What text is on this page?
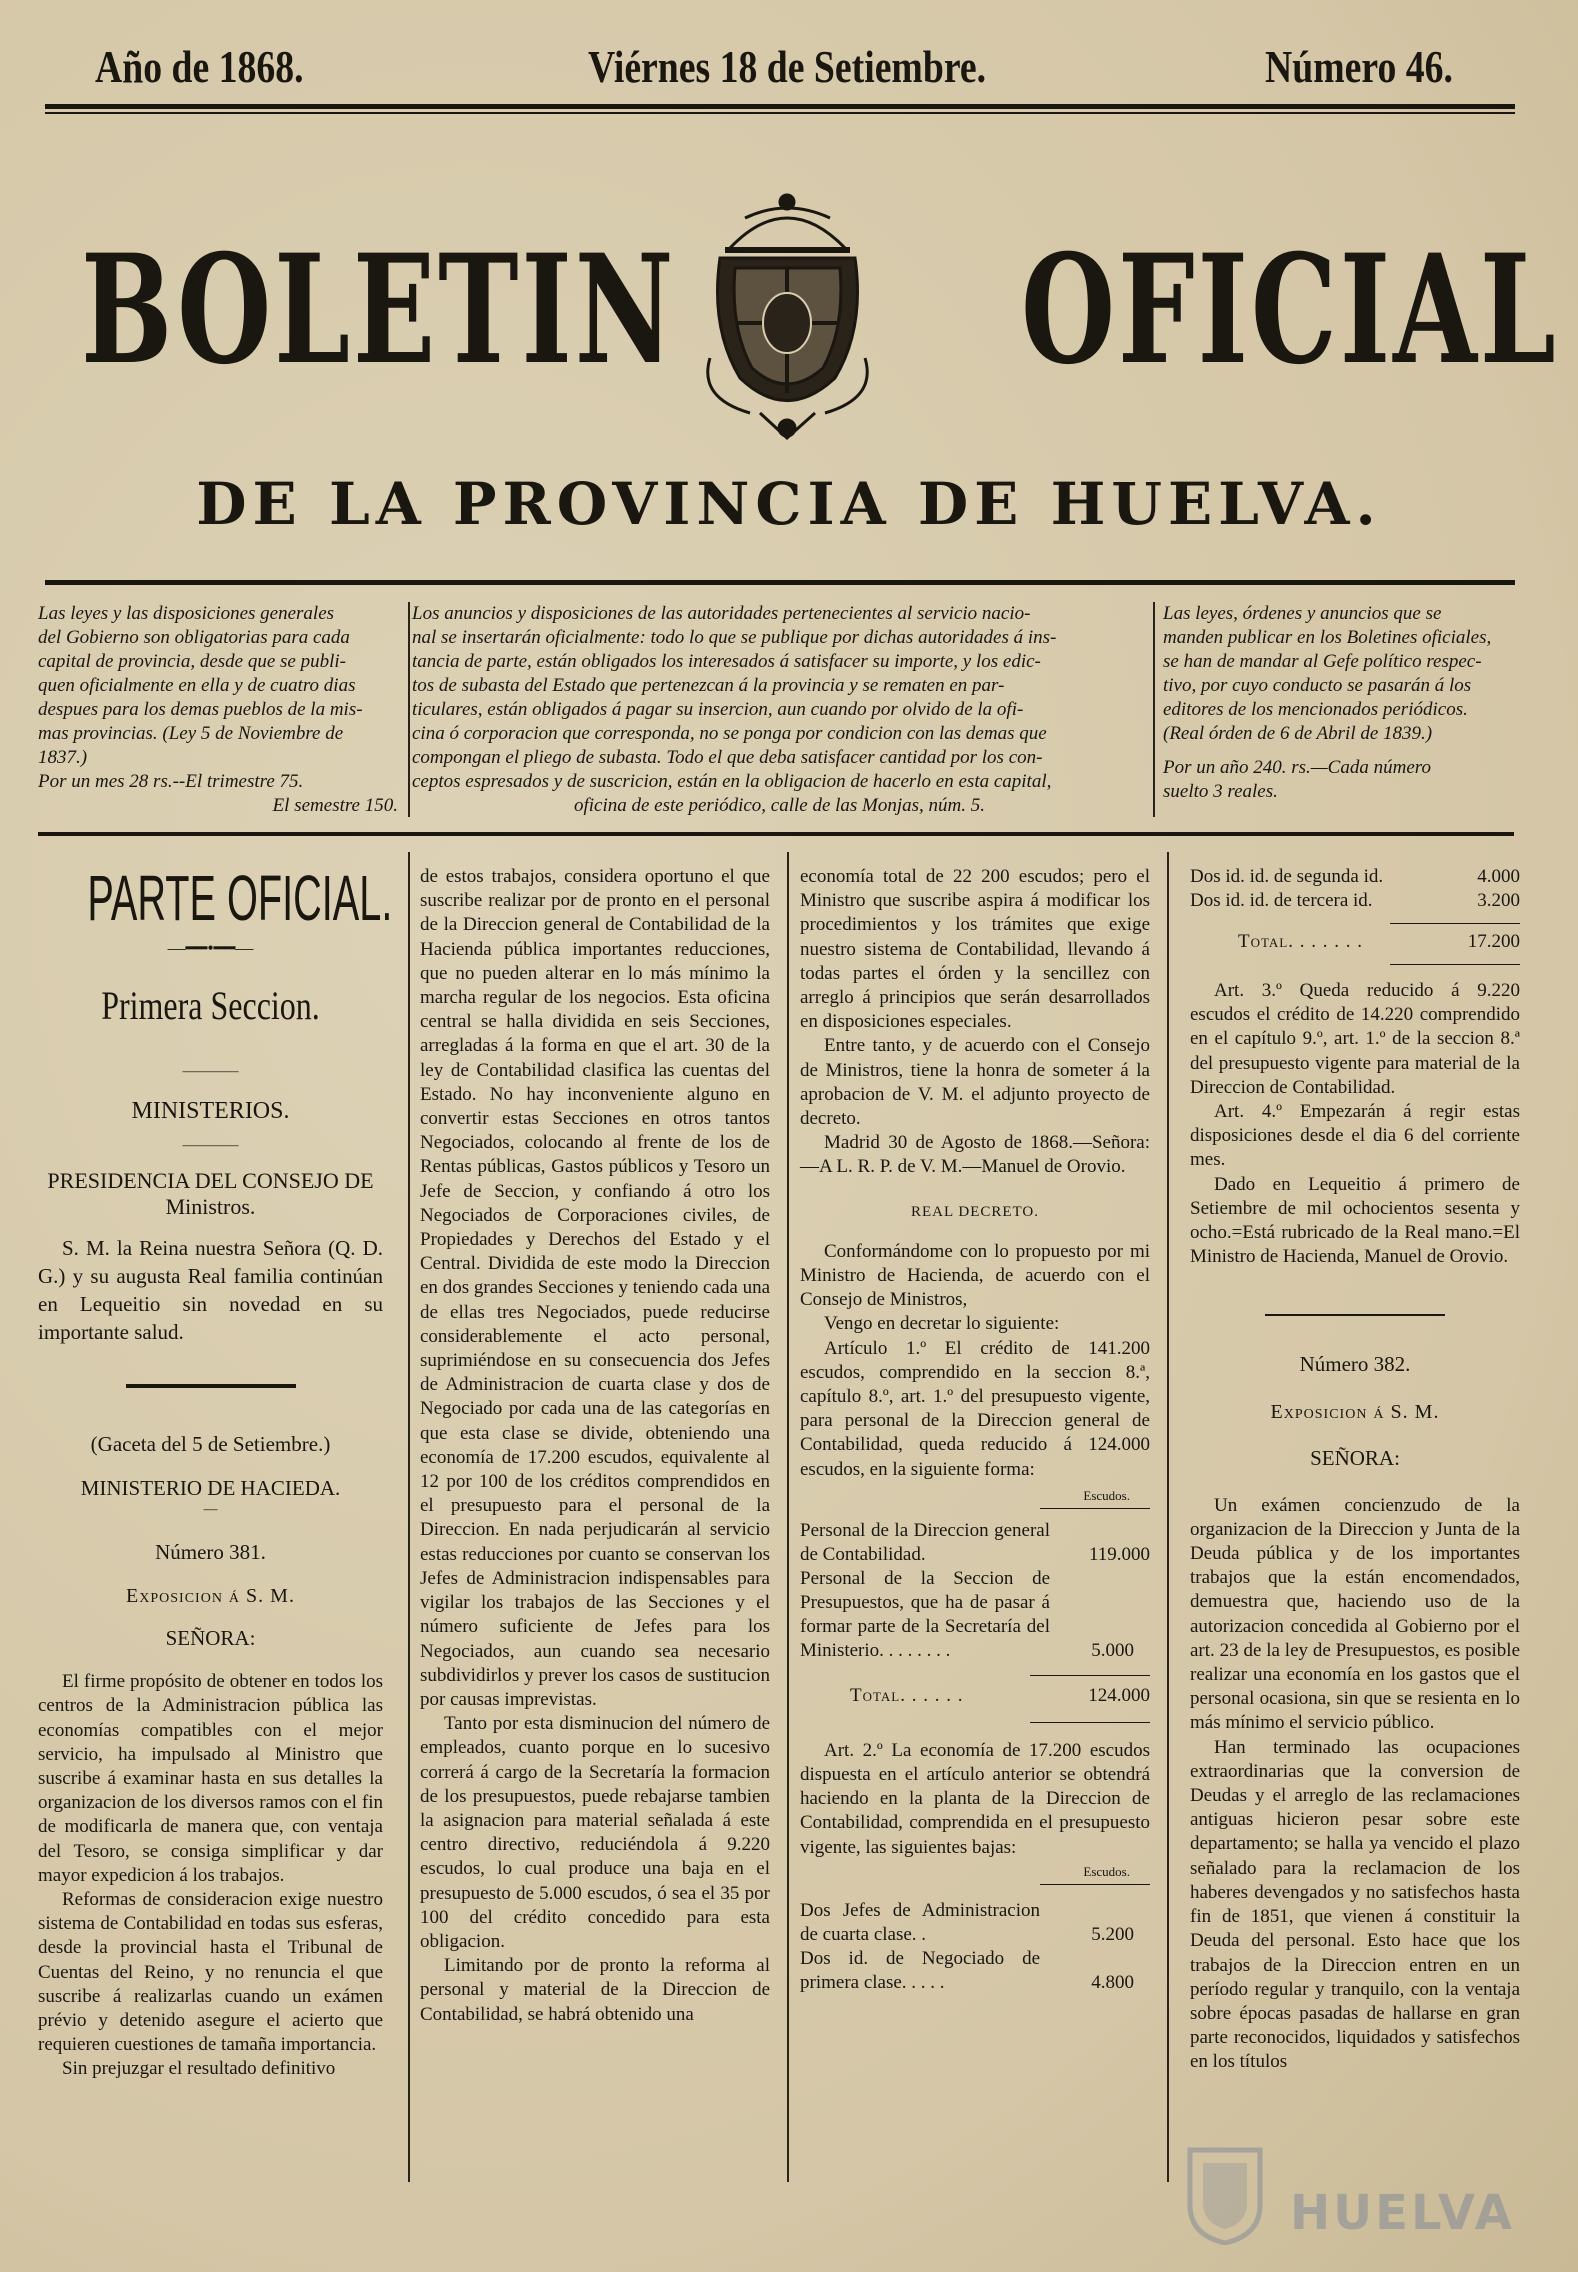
Año de 1868.	Viérnes 18 de Setiembre.	Número 46.
BOLETIN OFICIAL
DE LA PROVINCIA DE HUELVA.
Las leyes y las disposiciones generales
del Gobierno son obligatorias para cada
capital de provincia, desde que se publi-
quen oficialmente en ella y de cuatro dias
despues para los demas pueblos de la mis-
mas provincias. (Ley 5 de Noviembre de
1837.)
Por un mes 28 rs.--El trimestre 75.
El semestre 150.
Los anuncios y disposiciones de las autoridades pertenecientes al servicio nacio-
nal se insertarán oficialmente: todo lo que se publique por dichas autoridades á ins-
tancia de parte, están obligados los interesados á satisfacer su importe, y los edic-
tos de subasta del Estado que pertenezcan á la provincia y se rematen en par-
ticulares, están obligados á pagar su insercion, aun cuando por olvido de la ofi-
cina ó corporacion que corresponda, no se ponga por condicion con las demas que
compongan el pliego de subasta. Todo el que deba satisfacer cantidad por los con-
ceptos espresados y de suscricion, están en la obligacion de hacerlo en esta capital,
oficina de este periódico, calle de las Monjas, núm. 5.
Las leyes, órdenes y anuncios que se
manden publicar en los Boletines oficiales,
se han de mandar al Gefe político respec-
tivo, por cuyo conducto se pasarán á los
editores de los mencionados periódicos.
(Real órden de 6 de Abril de 1839.)
Por un año 240. rs.—Cada número
suelto 3 reales.
PARTE OFICIAL.
—━━•━━—
Primera Seccion.
————
MINISTERIOS.
————
PRESIDENCIA DEL CONSEJO DE Ministros.

S. M. la Reina nuestra Señora (Q. D. G.) y su augusta Real familia continúan en Lequeitio sin novedad en su importante salud.

(Gaceta del 5 de Setiembre.)
MINISTERIO DE HACIEDA.
—
Número 381.
Exposicion á S. M.
SEÑORA:

El firme propósito de obtener en todos los centros de la Administracion pública las economías compatibles con el mejor servicio, ha impulsado al Ministro que suscribe á examinar hasta en sus detalles la organizacion de los diversos ramos con el fin de modificarla de manera que, con ventaja del Tesoro, se consiga simplificar y dar mayor expedicion á los trabajos.

Reformas de consideracion exige nuestro sistema de Contabilidad en todas sus esferas, desde la provincial hasta el Tribunal de Cuentas del Reino, y no renuncia el que suscribe á realizarlas cuando un exámen prévio y detenido asegure el acierto que requieren cuestiones de tamaña importancia.

Sin prejuzgar el resultado definitivo

de estos trabajos, considera oportuno el que suscribe realizar por de pronto en el personal de la Direccion general de Contabilidad de la Hacienda pública importantes reducciones, que no pueden alterar en lo más mínimo la marcha regular de los negocios. Esta oficina central se halla dividida en seis Secciones, arregladas á la forma en que el art. 30 de la ley de Contabilidad clasifica las cuentas del Estado. No hay inconveniente alguno en convertir estas Secciones en otros tantos Negociados, colocando al frente de los de Rentas públicas, Gastos públicos y Tesoro un Jefe de Seccion, y confiando á otro los Negociados de Corporaciones civiles, de Propiedades y Derechos del Estado y el Central. Dividida de este modo la Direccion en dos grandes Secciones y teniendo cada una de ellas tres Negociados, puede reducirse considerablemente el acto personal, suprimiéndose en su consecuencia dos Jefes de Administracion de cuarta clase y dos de Negociado por cada una de las categorías en que esta clase se divide, obteniendo una economía de 17.200 escudos, equivalente al 12 por 100 de los créditos comprendidos en el presupuesto para el personal de la Direccion. En nada perjudicarán al servicio estas reducciones por cuanto se conservan los Jefes de Administracion indispensables para vigilar los trabajos de las Secciones y el número suficiente de Jefes para los Negociados, aun cuando sea necesario subdividirlos y prever los casos de sustitucion por causas imprevistas.

Tanto por esta disminucion del número de empleados, cuanto porque en lo sucesivo correrá á cargo de la Secretaría la formacion de los presupuestos, puede rebajarse tambien la asignacion para material señalada á este centro directivo, reduciéndola á 9.220 escudos, lo cual produce una baja en el presupuesto de 5.000 escudos, ó sea el 35 por 100 del crédito concedido para esta obligacion.

Limitando por de pronto la reforma al personal y material de la Direccion de Contabilidad, se habrá obtenido una

economía total de 22 200 escudos; pero el Ministro que suscribe aspira á modificar los procedimientos y los trámites que exige nuestro sistema de Contabilidad, llevando á todas partes el órden y la sencillez con arreglo á principios que serán desarrollados en disposiciones especiales.

Entre tanto, y de acuerdo con el Consejo de Ministros, tiene la honra de someter á la aprobacion de V. M. el adjunto proyecto de decreto.

Madrid 30 de Agosto de 1868.—Señora:—A L. R. P. de V. M.—Manuel de Orovio.

REAL DECRETO.

Conformándome con lo propuesto por mi Ministro de Hacienda, de acuerdo con el Consejo de Ministros,

Vengo en decretar lo siguiente:

Artículo 1.º El crédito de 141.200 escudos, comprendido en la seccion 8.ª, capítulo 8.º, art. 1.º del presupuesto vigente, para personal de la Direccion general de Contabilidad, queda reducido á 124.000 escudos, en la siguiente forma:

Escudos.
Personal de la Direccion general de Contabilidad.	119.000
Personal de la Seccion de Presupuestos, que ha de pasar á formar parte de la Secretaría del Ministerio. . . . . . . .	5.000
Total. . . . . .	124.000

Art. 2.º La economía de 17.200 escudos dispuesta en el artículo anterior se obtendrá haciendo en la planta de la Direccion de Contabilidad, comprendida en el presupuesto vigente, las siguientes bajas:

Escudos.
Dos Jefes de Administracion de cuarta clase. .	5.200
Dos id. de Negociado de primera clase. . . . .	4.800
Dos id. id. de segunda id.	4.000
Dos id. id. de tercera id.	3.200
Total. . . . . . .	17.200

Art. 3.º Queda reducido á 9.220 escudos el crédito de 14.220 comprendido en el capítulo 9.º, art. 1.º de la seccion 8.ª del presupuesto vigente para material de la Direccion de Contabilidad.

Art. 4.º Empezarán á regir estas disposiciones desde el dia 6 del corriente mes.

Dado en Lequeitio á primero de Setiembre de mil ochocientos sesenta y ocho.=Está rubricado de la Real mano.=El Ministro de Hacienda, Manuel de Orovio.

Número 382.
Exposicion á S. M.
SEÑORA:

Un exámen concienzudo de la organizacion de la Direccion y Junta de la Deuda pública y de los importantes trabajos que la están encomendados, demuestra que, haciendo uso de la autorizacion concedida al Gobierno por el art. 23 de la ley de Presupuestos, es posible realizar una economía en los gastos que el personal ocasiona, sin que se resienta en lo más mínimo el servicio público.

Han terminado las ocupaciones extraordinarias que la conversion de Deudas y el arreglo de las reclamaciones antiguas hicieron pesar sobre este departamento; se halla ya vencido el plazo señalado para la reclamacion de los haberes devengados y no satisfechos hasta fin de 1851, que vienen á constituir la Deuda del personal. Esto hace que los trabajos de la Direccion entren en un período regular y tranquilo, con la ventaja sobre épocas pasadas de hallarse en gran parte reconocidos, liquidados y satisfechos en los títulos

HUELVA
